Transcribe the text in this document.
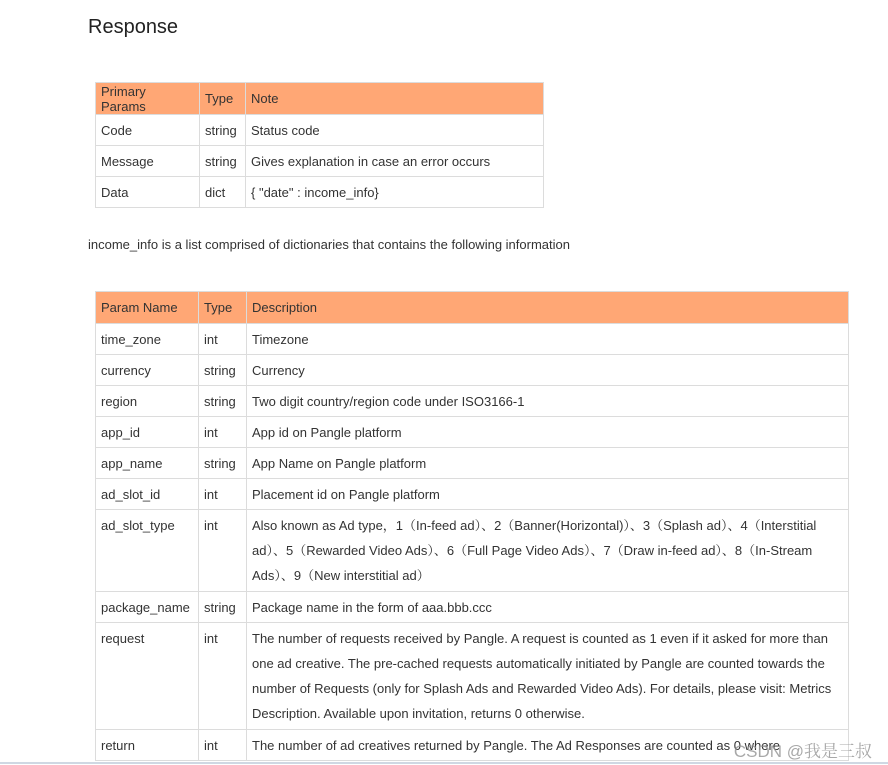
Response
Primary Params	Type	Note
Code	string	Status code
Message	string	Gives explanation in case an error occurs
Data	dict	{ "date" : income_info}

income_info is a list comprised of dictionaries that contains the following information

Param Name	Type	Description
time_zone	int	Timezone
currency	string	Currency
region	string	Two digit country/region code under ISO3166-1
app_id	int	App id on Pangle platform
app_name	string	App Name on Pangle platform
ad_slot_id	int	Placement id on Pangle platform
ad_slot_type	int	Also known as Ad type，1（In-feed ad）、2（Banner(Horizontal)）、3（Splash ad）、4（Interstitial ad）、5（Rewarded Video Ads）、6（Full Page Video Ads）、7（Draw in-feed ad）、8（In-Stream Ads）、9（New interstitial ad）
package_name	string	Package name in the form of aaa.bbb.ccc
request	int	The number of requests received by Pangle. A request is counted as 1 even if it asked for more than one ad creative. The pre-cached requests automatically initiated by Pangle are counted towards the number of Requests (only for Splash Ads and Rewarded Video Ads). For details, please visit: Metrics Description. Available upon invitation, returns 0 otherwise.
return	int	The number of ad creatives returned by Pangle. The Ad Responses are counted as 0 where
CSDN @我是三叔
